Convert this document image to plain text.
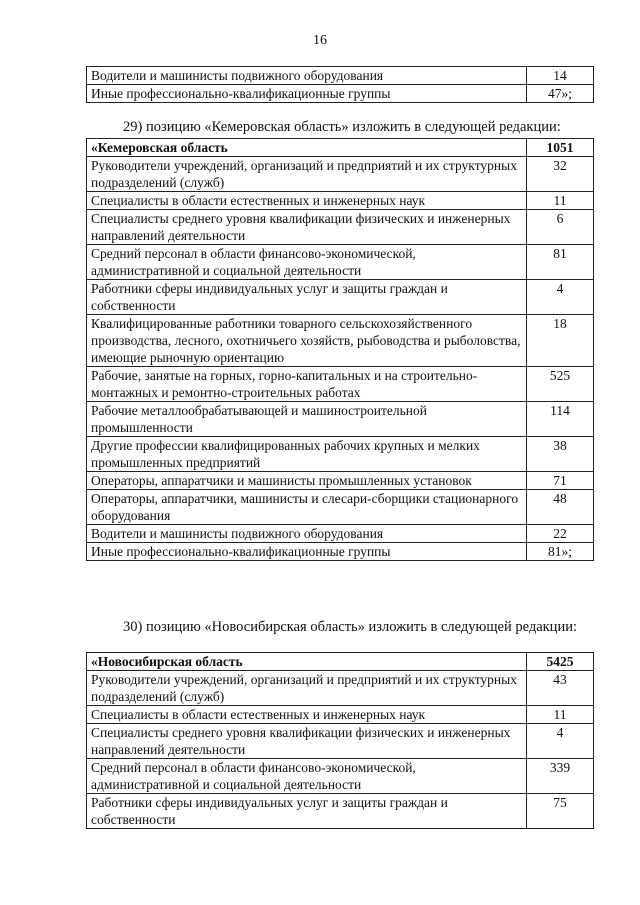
16
Водители и машинисты подвижного оборудования	14
Иные профессионально-квалификационные группы	47»;
29) позицию «Кемеровская область» изложить в следующей редакции:
«Кемеровская область	1051
Руководители учреждений, организаций и предприятий и их структурных подразделений (служб)	32
Специалисты в области естественных и инженерных наук	11
Специалисты среднего уровня квалификации физических и инженерных направлений деятельности	6
Средний персонал в области финансово-экономической, административной и социальной деятельности	81
Работники сферы индивидуальных услуг и защиты граждан и собственности	4
Квалифицированные работники товарного сельскохозяйственного производства, лесного, охотничьего хозяйств, рыбоводства и рыболовства, имеющие рыночную ориентацию	18
Рабочие, занятые на горных, горно-капитальных и на строительно-монтажных и ремонтно-строительных работах	525
Рабочие металлообрабатывающей и машиностроительной промышленности	114
Другие профессии квалифицированных рабочих крупных и мелких промышленных предприятий	38
Операторы, аппаратчики и машинисты промышленных установок	71
Операторы, аппаратчики, машинисты и слесари-сборщики стационарного оборудования	48
Водители и машинисты подвижного оборудования	22
Иные профессионально-квалификационные группы	81»;
30) позицию «Новосибирская область» изложить в следующей редакции:
«Новосибирская область	5425
Руководители учреждений, организаций и предприятий и их структурных подразделений (служб)	43
Специалисты в области естественных и инженерных наук	11
Специалисты среднего уровня квалификации физических и инженерных направлений деятельности	4
Средний персонал в области финансово-экономической, административной и социальной деятельности	339
Работники сферы индивидуальных услуг и защиты граждан и собственности	75
